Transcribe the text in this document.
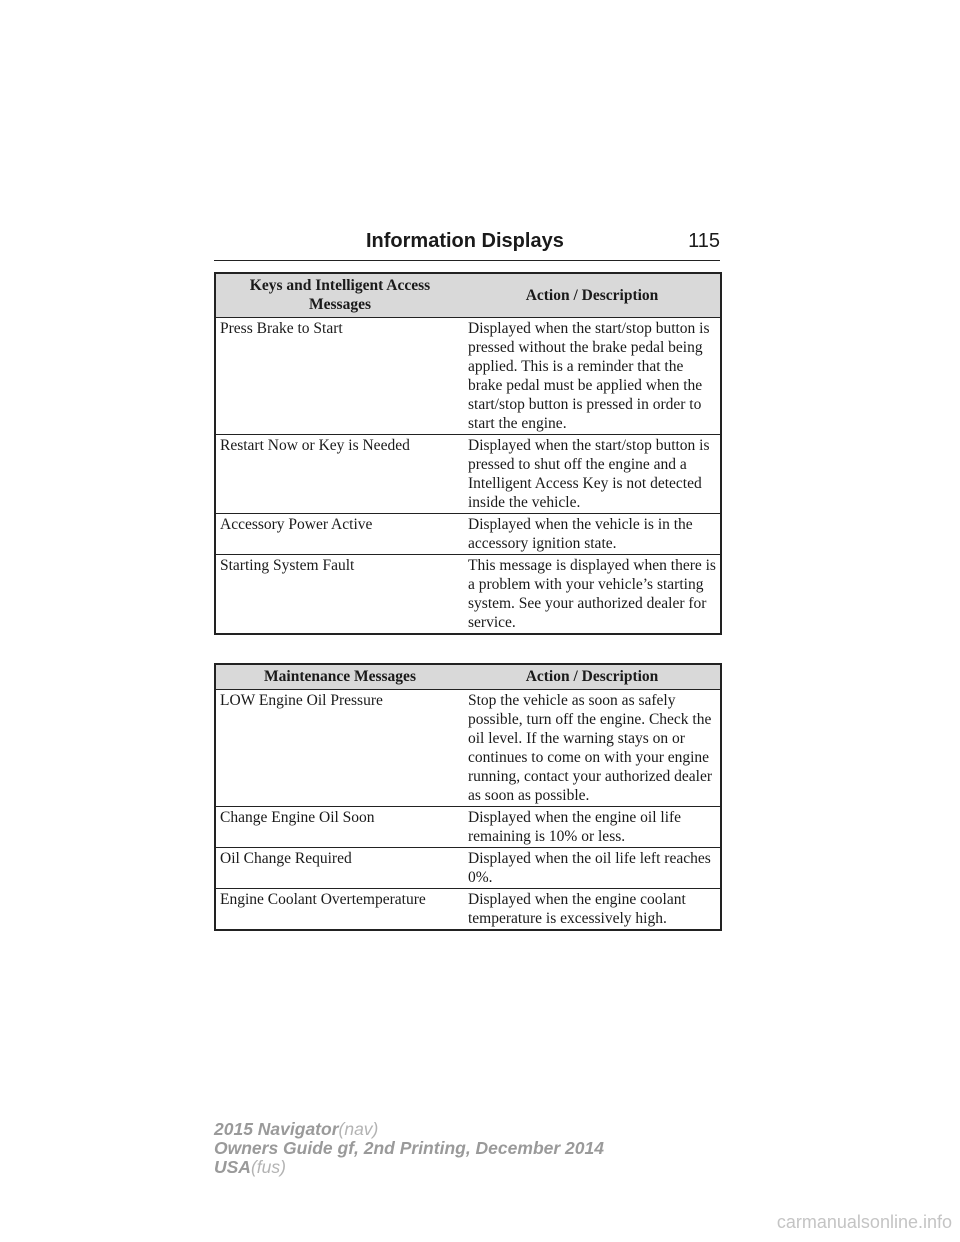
Information Displays	115
Keys and Intelligent Access Messages	Action / Description
Press Brake to Start	Displayed when the start/stop button is pressed without the brake pedal being applied. This is a reminder that the brake pedal must be applied when the start/stop button is pressed in order to start the engine.
Restart Now or Key is Needed	Displayed when the start/stop button is pressed to shut off the engine and a Intelligent Access Key is not detected inside the vehicle.
Accessory Power Active	Displayed when the vehicle is in the accessory ignition state.
Starting System Fault	This message is displayed when there is a problem with your vehicle’s starting system. See your authorized dealer for service.
Maintenance Messages	Action / Description
LOW Engine Oil Pressure	Stop the vehicle as soon as safely possible, turn off the engine. Check the oil level. If the warning stays on or continues to come on with your engine running, contact your authorized dealer as soon as possible.
Change Engine Oil Soon	Displayed when the engine oil life remaining is 10% or less.
Oil Change Required	Displayed when the oil life left reaches 0%.
Engine Coolant Overtemperature	Displayed when the engine coolant temperature is excessively high.
2015 Navigator(nav)
Owners Guide gf, 2nd Printing, December 2014
USA(fus)
carmanualsonline.info
